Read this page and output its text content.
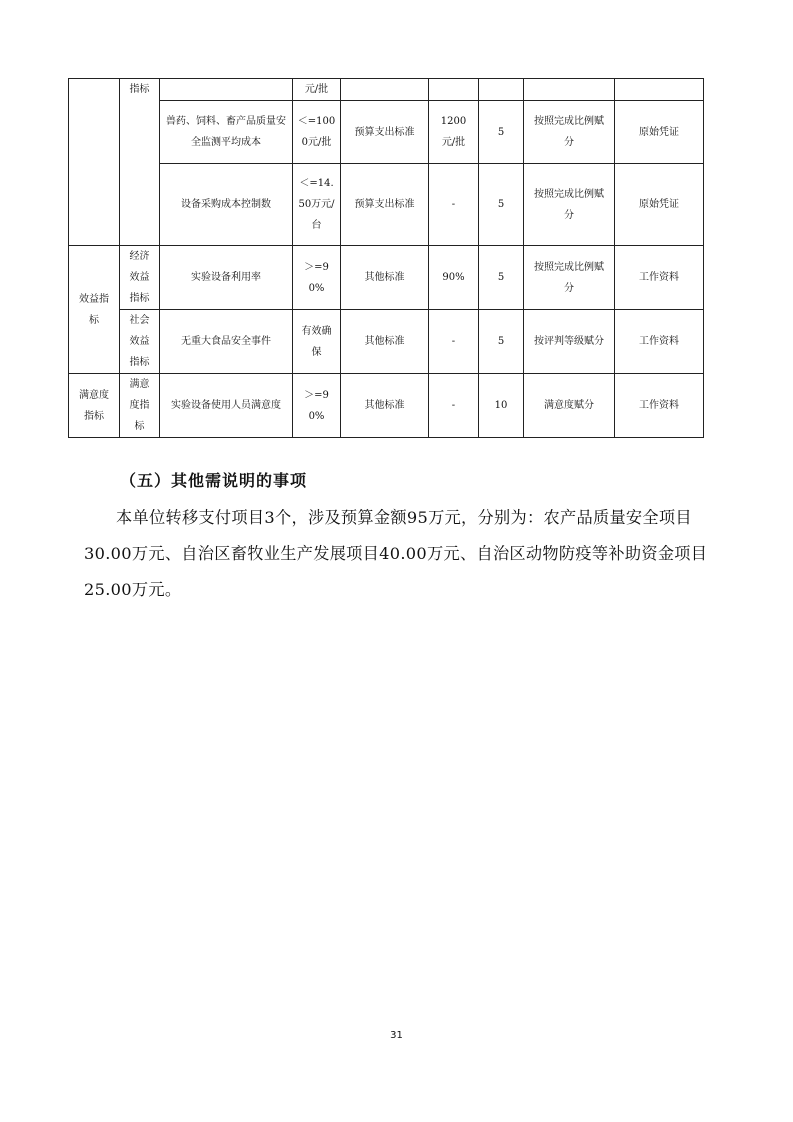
	指标		元/批					
		兽药、饲料、畜产品质量安全监测平均成本	＜=1000元/批	预算支出标准	1200元/批	5	按照完成比例赋分	原始凭证
		设备采购成本控制数	＜=14.50万元/台	预算支出标准	-	5	按照完成比例赋分	原始凭证
效益指标	经济效益指标	实验设备利用率	＞=90%	其他标准	90%	5	按照完成比例赋分	工作资料
	社会效益指标	无重大食品安全事件	有效确保	其他标准	-	5	按评判等级赋分	工作资料
满意度指标	满意度指标	实验设备使用人员满意度	＞=90%	其他标准	-	10	满意度赋分	工作资料
（五）其他需说明的事项

本单位转移支付项目3个，涉及预算金额95万元，分别为：农产品质量安全项目30.00万元、自治区畜牧业生产发展项目40.00万元、自治区动物防疫等补助资金项目25.00万元。

31
